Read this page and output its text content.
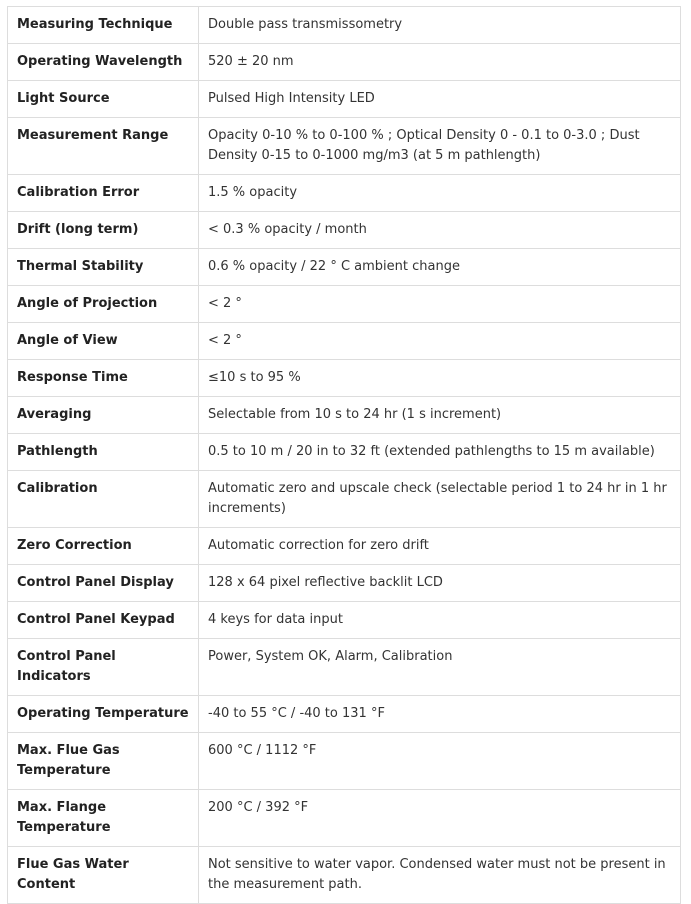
Measuring Technique	Double pass transmissometry
Operating Wavelength	520 ± 20 nm
Light Source	Pulsed High Intensity LED
Measurement Range	Opacity 0-10 % to 0-100 % ; Optical Density 0 - 0.1 to 0-3.0 ; Dust Density 0-15 to 0-1000 mg/m3 (at 5 m pathlength)
Calibration Error	1.5 % opacity
Drift (long term)	< 0.3 % opacity / month
Thermal Stability	0.6 % opacity / 22 ° C ambient change
Angle of Projection	< 2 °
Angle of View	< 2 °
Response Time	≤10 s to 95 %
Averaging	Selectable from 10 s to 24 hr (1 s increment)
Pathlength	0.5 to 10 m / 20 in to 32 ft (extended pathlengths to 15 m available)
Calibration	Automatic zero and upscale check (selectable period 1 to 24 hr in 1 hr increments)
Zero Correction	Automatic correction for zero drift
Control Panel Display	128 x 64 pixel reflective backlit LCD
Control Panel Keypad	4 keys for data input
Control Panel Indicators	Power, System OK, Alarm, Calibration
Operating Temperature	-40 to 55 °C / -40 to 131 °F
Max. Flue Gas Temperature	600 °C / 1112 °F
Max. Flange Temperature	200 °C / 392 °F
Flue Gas Water Content	Not sensitive to water vapor. Condensed water must not be present in the measurement path.
